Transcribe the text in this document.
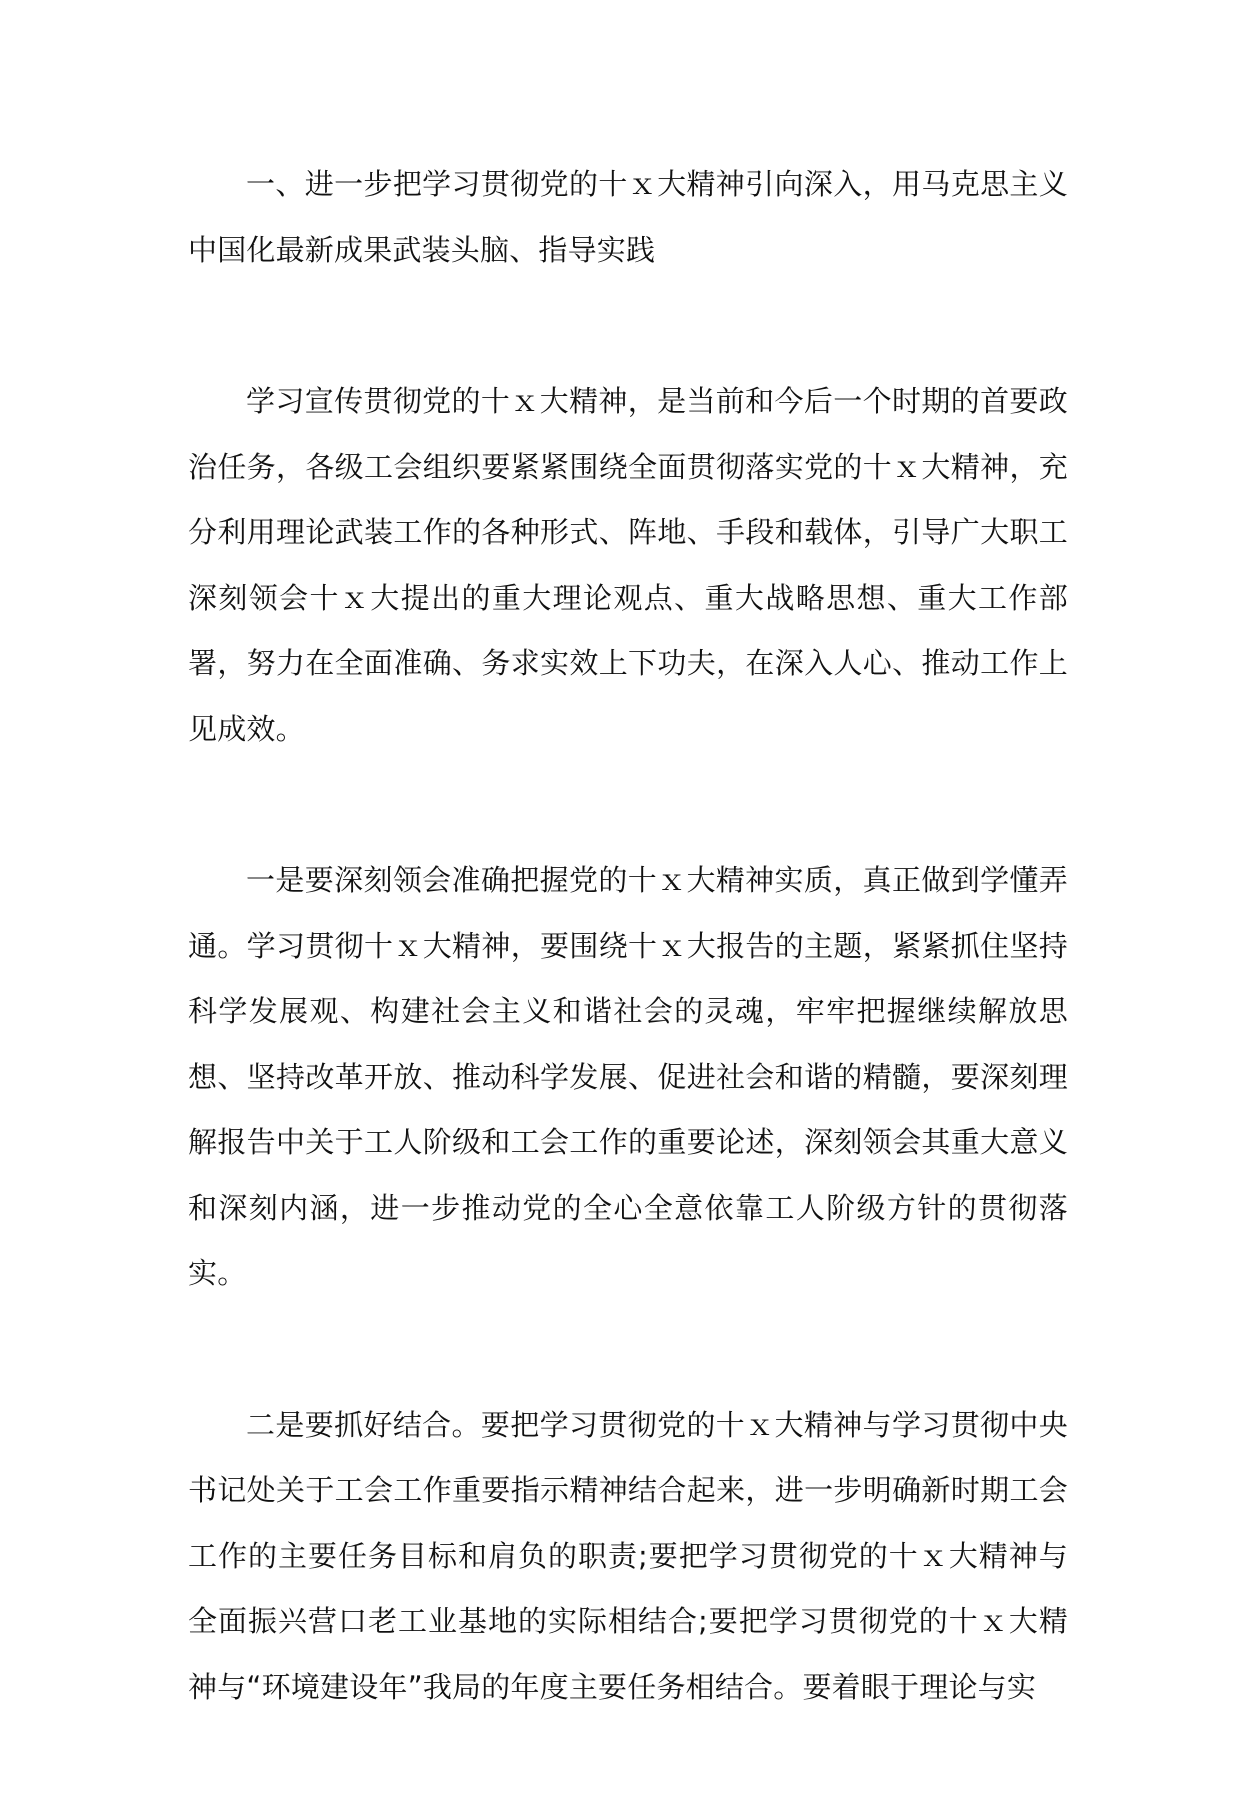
一、进一步把学习贯彻党的十ｘ大精神引向深入，用马克思主义中国化最新成果武装头脑、指导实践

学习宣传贯彻党的十ｘ大精神，是当前和今后一个时期的首要政治任务，各级工会组织要紧紧围绕全面贯彻落实党的十ｘ大精神，充分利用理论武装工作的各种形式、阵地、手段和载体，引导广大职工深刻领会十ｘ大提出的重大理论观点、重大战略思想、重大工作部署，努力在全面准确、务求实效上下功夫，在深入人心、推动工作上见成效。

一是要深刻领会准确把握党的十ｘ大精神实质，真正做到学懂弄通。学习贯彻十ｘ大精神，要围绕十ｘ大报告的主题，紧紧抓住坚持科学发展观、构建社会主义和谐社会的灵魂，牢牢把握继续解放思想、坚持改革开放、推动科学发展、促进社会和谐的精髓，要深刻理解报告中关于工人阶级和工会工作的重要论述，深刻领会其重大意义和深刻内涵，进一步推动党的全心全意依靠工人阶级方针的贯彻落实。

二是要抓好结合。要把学习贯彻党的十ｘ大精神与学习贯彻中央书记处关于工会工作重要指示精神结合起来，进一步明确新时期工会工作的主要任务目标和肩负的职责;要把学习贯彻党的十ｘ大精神与全面振兴营口老工业基地的实际相结合;要把学习贯彻党的十ｘ大精神与“环境建设年”我局的年度主要任务相结合。要着眼于理论与实
